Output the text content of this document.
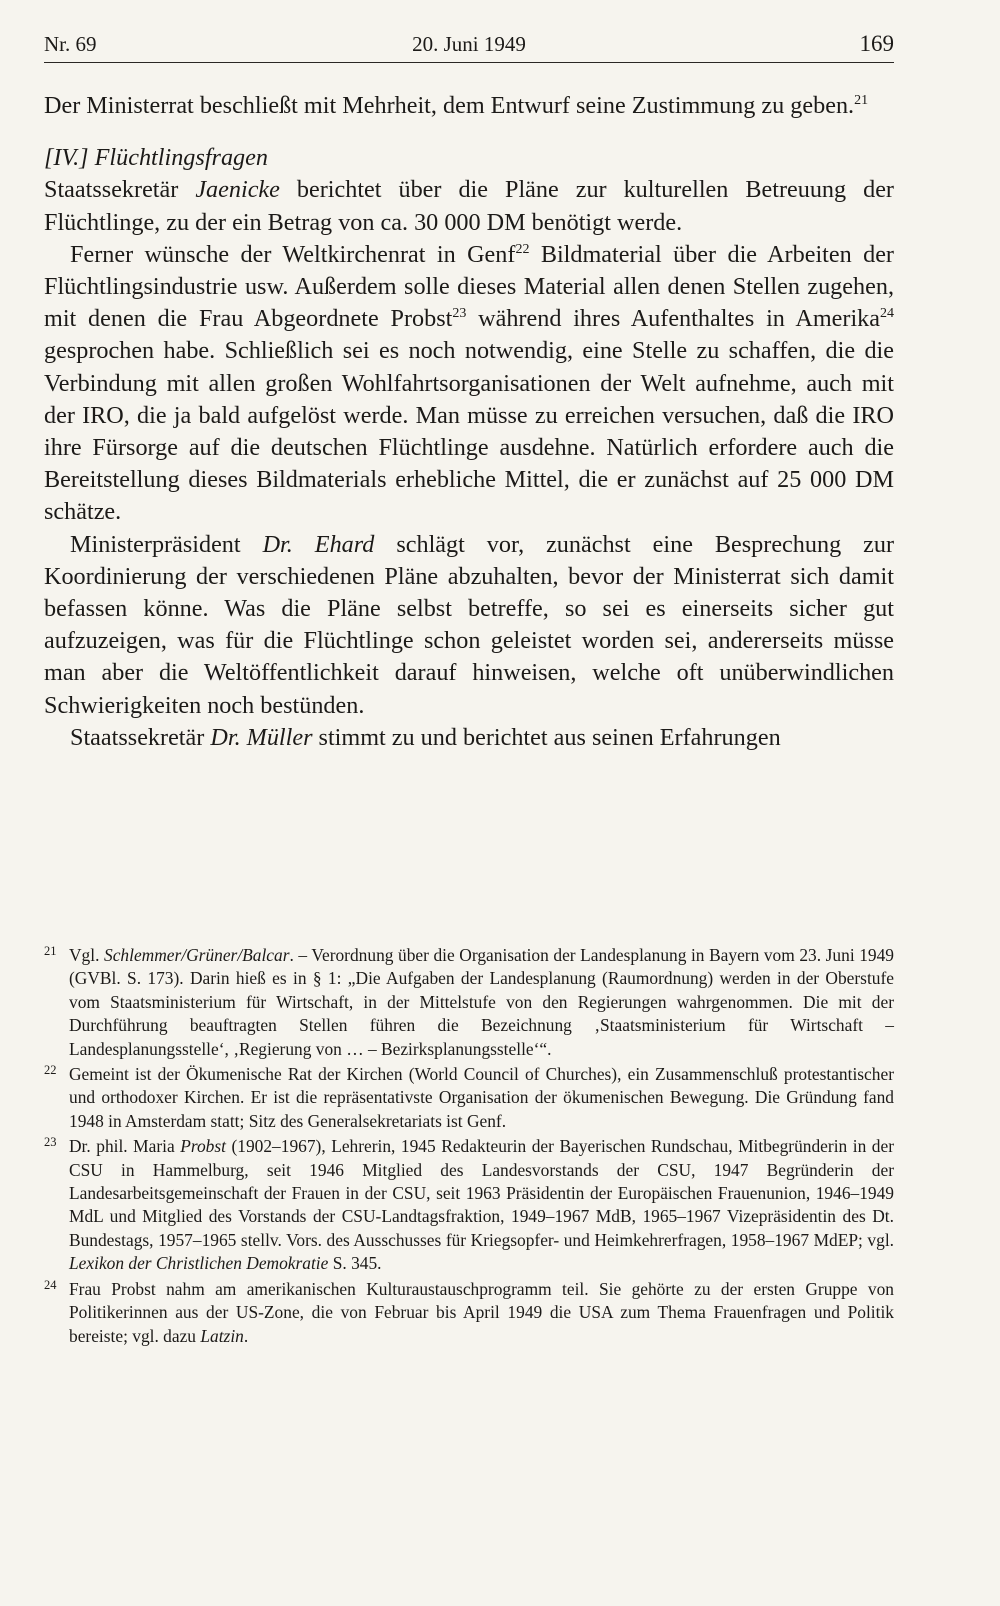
Nr. 69	20. Juni 1949	169

Der Ministerrat beschließt mit Mehrheit, dem Entwurf seine Zustimmung zu geben.$^{21}$

[IV.] Flüchtlingsfragen

Staatssekretär Jaenicke berichtet über die Pläne zur kulturellen Betreuung der Flüchtlinge, zu der ein Betrag von ca. 30 000 DM benötigt werde.

Ferner wünsche der Weltkirchenrat in Genf$^{22}$ Bildmaterial über die Arbeiten der Flüchtlingsindustrie usw. Außerdem solle dieses Material allen denen Stellen zugehen, mit denen die Frau Abgeordnete Probst$^{23}$ während ihres Aufenthaltes in Amerika$^{24}$ gesprochen habe. Schließlich sei es noch notwendig, eine Stelle zu schaffen, die die Verbindung mit allen großen Wohlfahrtsorganisationen der Welt aufnehme, auch mit der IRO, die ja bald aufgelöst werde. Man müsse zu erreichen versuchen, daß die IRO ihre Fürsorge auf die deutschen Flüchtlinge ausdehne. Natürlich erfordere auch die Bereitstellung dieses Bildmaterials erhebliche Mittel, die er zunächst auf 25 000 DM schätze.

Ministerpräsident Dr. Ehard schlägt vor, zunächst eine Besprechung zur Koordinierung der verschiedenen Pläne abzuhalten, bevor der Ministerrat sich damit befassen könne. Was die Pläne selbst betreffe, so sei es einerseits sicher gut aufzuzeigen, was für die Flüchtlinge schon geleistet worden sei, andererseits müsse man aber die Weltöffentlichkeit darauf hinweisen, welche oft unüberwindlichen Schwierigkeiten noch bestünden.

Staatssekretär Dr. Müller stimmt zu und berichtet aus seinen Erfahrungen

21 Vgl. Schlemmer/Grüner/Balcar. – Verordnung über die Organisation der Landesplanung in Bayern vom 23. Juni 1949 (GVBl. S. 173). Darin hieß es in § 1: „Die Aufgaben der Landesplanung (Raumordnung) werden in der Oberstufe vom Staatsministerium für Wirtschaft, in der Mittelstufe von den Regierungen wahrgenommen. Die mit der Durchführung beauftragten Stellen führen die Bezeichnung ‚Staatsministerium für Wirtschaft – Landesplanungsstelle‘, ‚Regierung von … – Bezirksplanungsstelle‘“.
22 Gemeint ist der Ökumenische Rat der Kirchen (World Council of Churches), ein Zusammenschluß protestantischer und orthodoxer Kirchen. Er ist die repräsentativste Organisation der ökumenischen Bewegung. Die Gründung fand 1948 in Amsterdam statt; Sitz des Generalsekretariats ist Genf.
23 Dr. phil. Maria Probst (1902–1967), Lehrerin, 1945 Redakteurin der Bayerischen Rundschau, Mitbegründerin in der CSU in Hammelburg, seit 1946 Mitglied des Landesvorstands der CSU, 1947 Begründerin der Landesarbeitsgemeinschaft der Frauen in der CSU, seit 1963 Präsidentin der Europäischen Frauenunion, 1946–1949 MdL und Mitglied des Vorstands der CSU-Landtagsfraktion, 1949–1967 MdB, 1965–1967 Vizepräsidentin des Dt. Bundestags, 1957–1965 stellv. Vors. des Ausschusses für Kriegsopfer- und Heimkehrerfragen, 1958–1967 MdEP; vgl. Lexikon der Christlichen Demokratie S. 345.
24 Frau Probst nahm am amerikanischen Kulturaustauschprogramm teil. Sie gehörte zu der ersten Gruppe von Politikerinnen aus der US-Zone, die von Februar bis April 1949 die USA zum Thema Frauenfragen und Politik bereiste; vgl. dazu Latzin.
